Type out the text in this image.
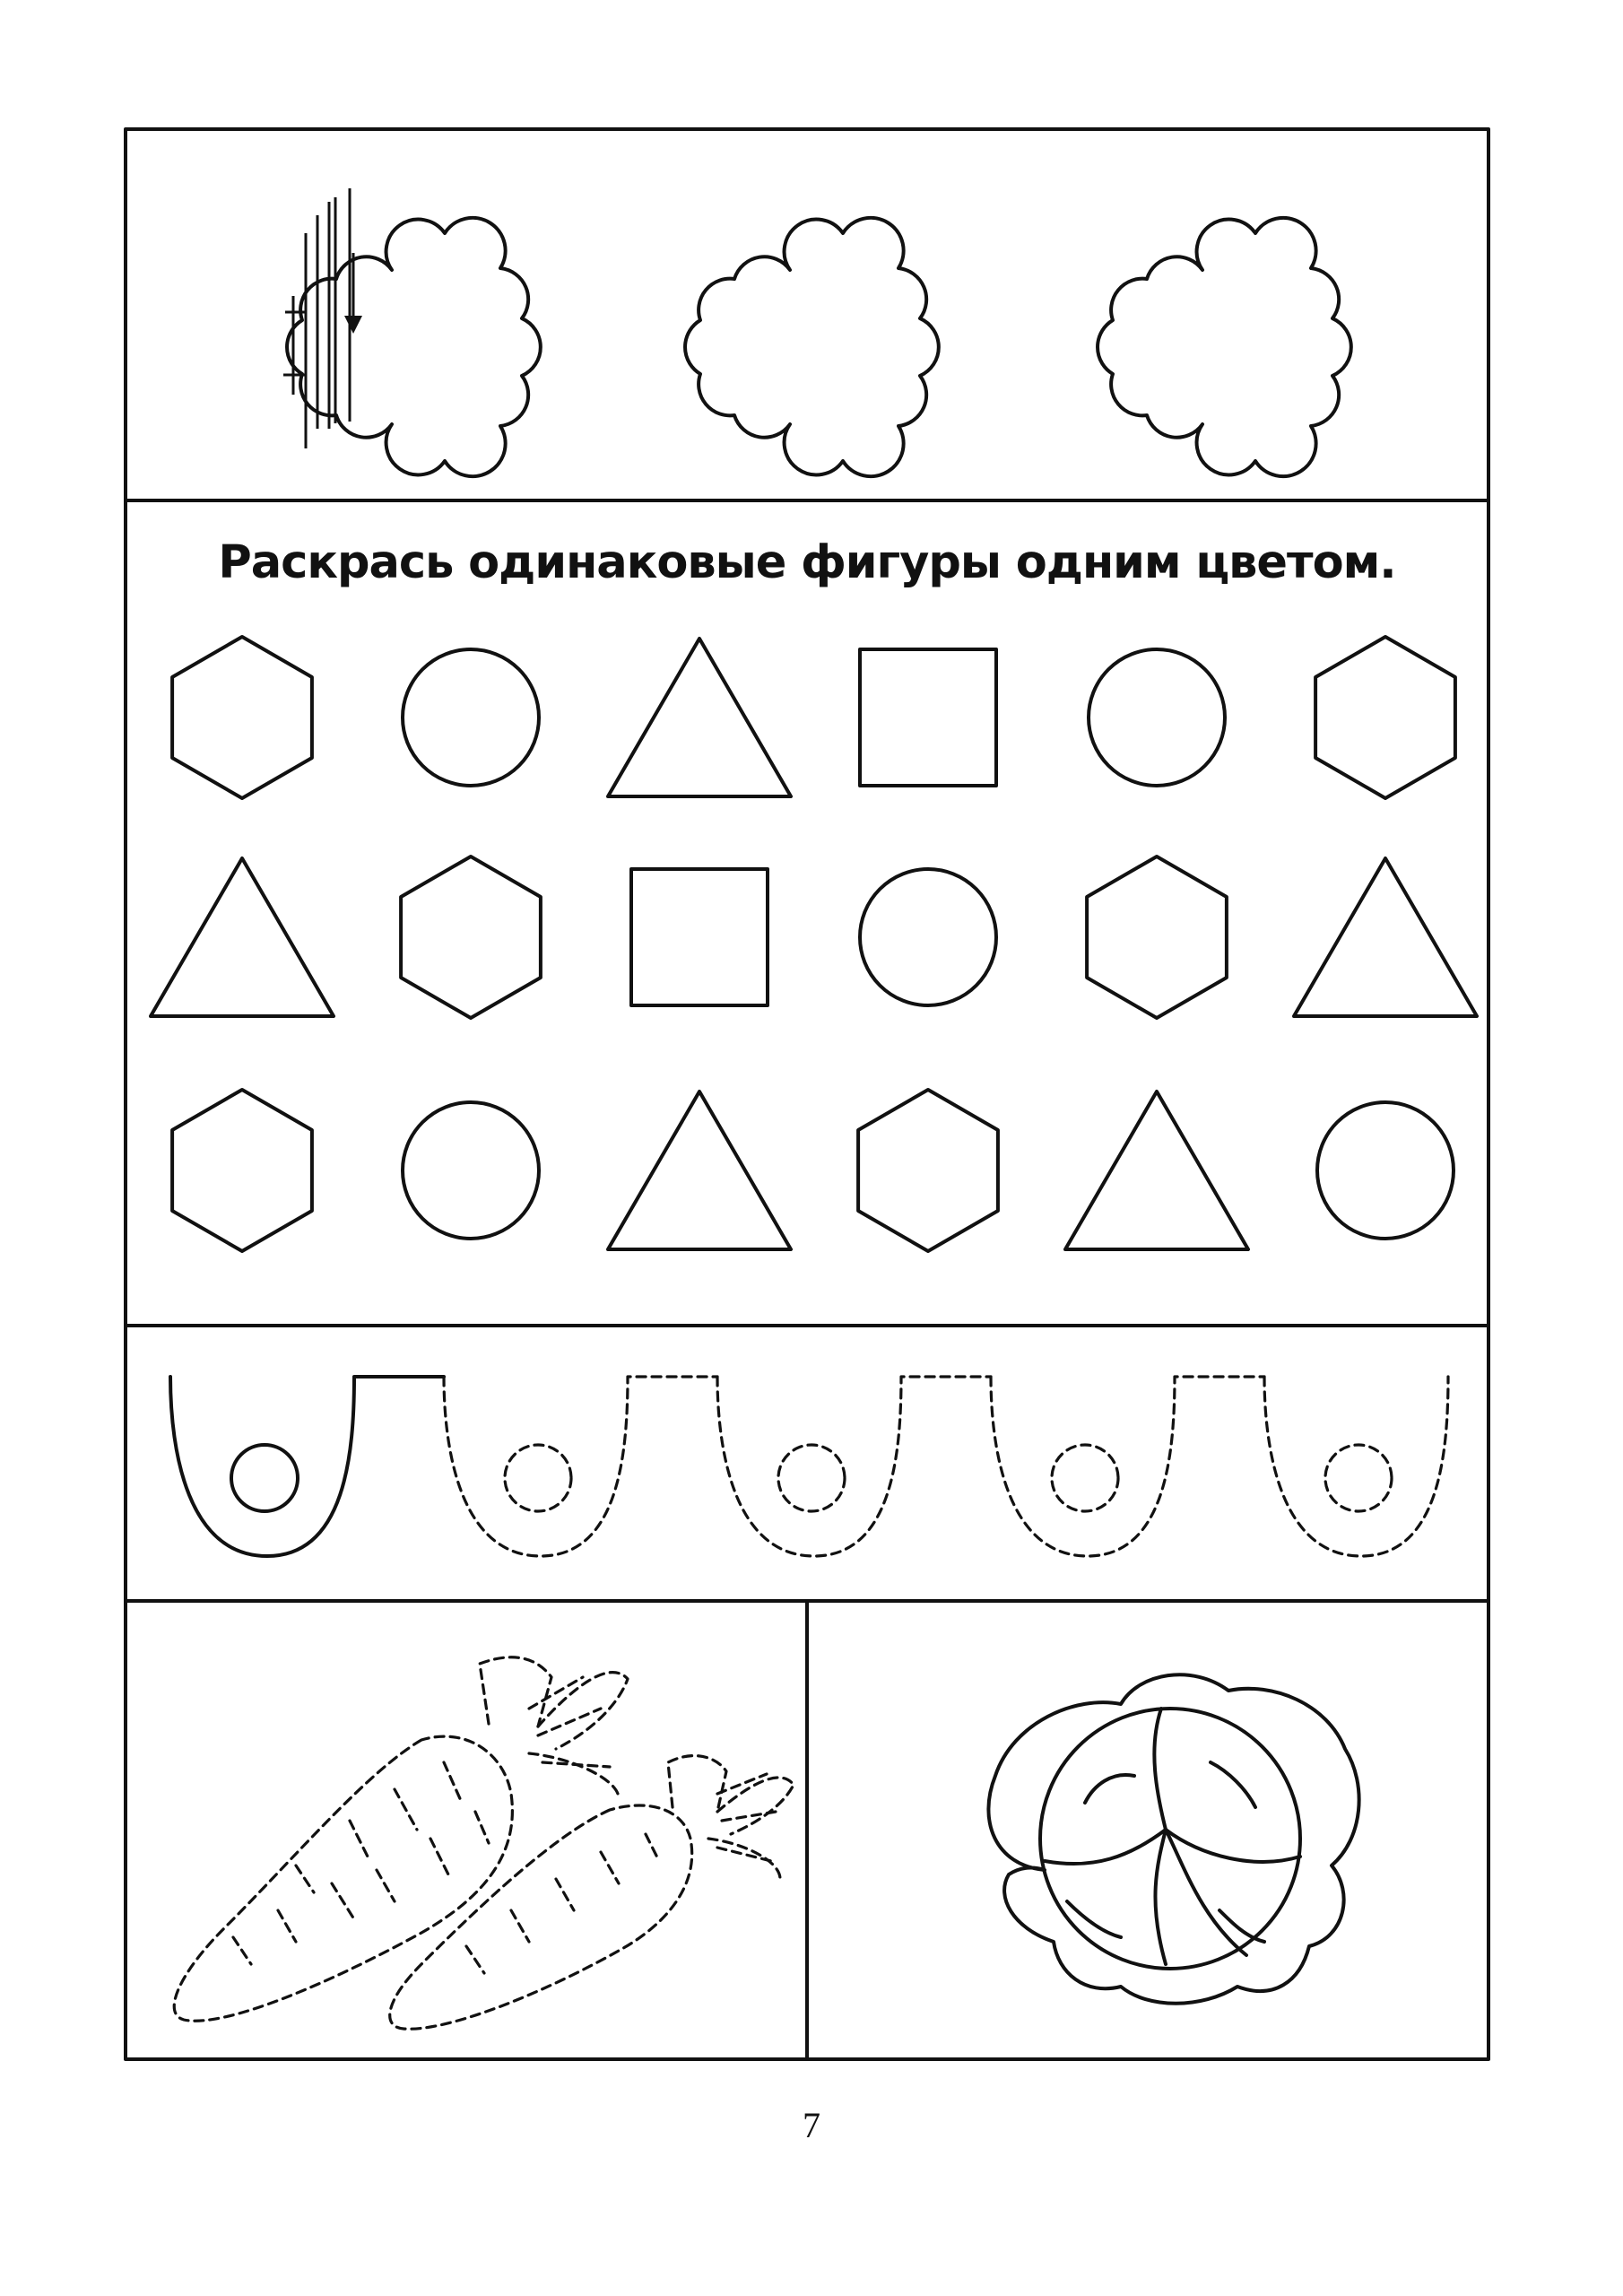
Раскрась одинаковые фигуры одним цветом.
7
